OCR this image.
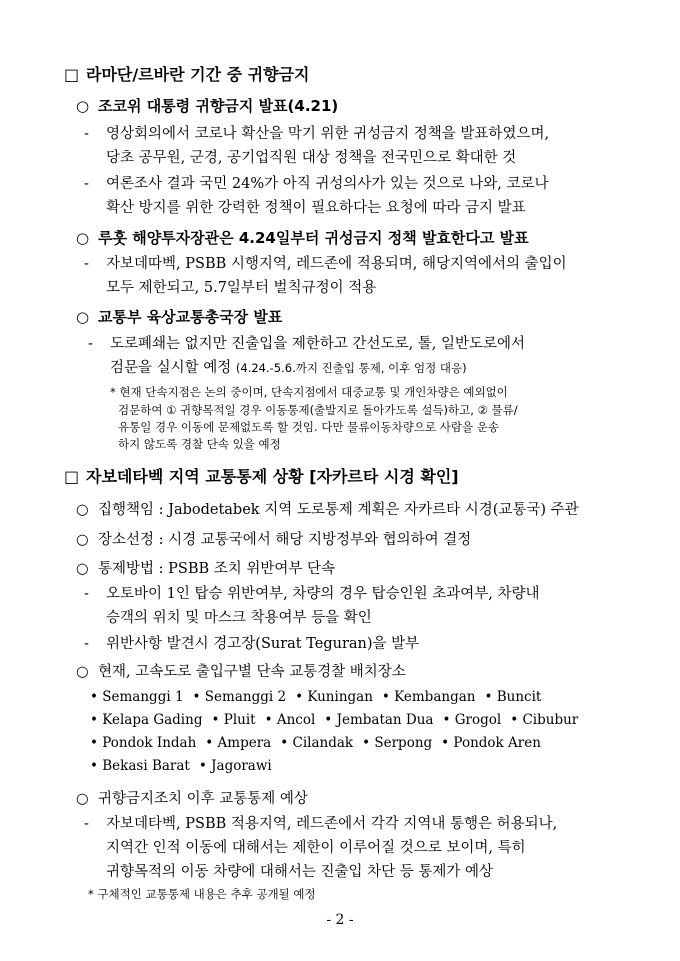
□ 라마단/르바란 기간 중 귀향금지
○ 조코위 대통령 귀향금지 발표(4.21)
- 영상회의에서 코로나 확산을 막기 위한 귀성금지 정책을 발표하였으며,
당초 공무원, 군경, 공기업직원 대상 정책을 전국민으로 확대한 것
- 여론조사 결과 국민 24%가 아직 귀성의사가 있는 것으로 나와, 코로나
확산 방지를 위한 강력한 정책이 필요하다는 요청에 따라 금지 발표
○ 루훗 해양투자장관은 4.24일부터 귀성금지 정책 발효한다고 발표
- 자보데따벡, PSBB 시행지역, 레드존에 적용되며, 해당지역에서의 출입이
모두 제한되고, 5.7일부터 벌칙규정이 적용
○ 교통부 육상교통총국장 발표
- 도로폐쇄는 없지만 진출입을 제한하고 간선도로, 톨, 일반도로에서
검문을 실시할 예정 (4.24.-5.6.까지 진출입 통제, 이후 엄정 대응)
* 현재 단속지점은 논의 중이며, 단속지점에서 대중교통 및 개인차량은 예외없이
검문하여 ① 귀향목적일 경우 이동통제(출발지로 돌아가도록 설득)하고, ② 물류/
유통일 경우 이동에 문제없도록 할 것임. 다만 물류이동차량으로 사람을 운송
하지 않도록 경찰 단속 있을 예정
□ 자보데타벡 지역 교통통제 상황 [자카르타 시경 확인]
○ 집행책임 : Jabodetabek 지역 도로통제 계획은 자카르타 시경(교통국) 주관
○ 장소선정 : 시경 교통국에서 해당 지방정부와 협의하여 결정
○ 통제방법 : PSBB 조치 위반여부 단속
- 오토바이 1인 탑승 위반여부, 차량의 경우 탑승인원 초과여부, 차량내
승객의 위치 및 마스크 착용여부 등을 확인
- 위반사항 발견시 경고장(Surat Teguran)을 발부
○ 현재, 고속도로 출입구별 단속 교통경찰 배치장소
• Semanggi 1 • Semanggi 2 • Kuningan • Kembangan • Buncit
• Kelapa Gading • Pluit • Ancol • Jembatan Dua • Grogol • Cibubur
• Pondok Indah • Ampera • Cilandak • Serpong • Pondok Aren
• Bekasi Barat • Jagorawi
○ 귀향금지조치 이후 교통통제 예상
- 자보데타벡, PSBB 적용지역, 레드존에서 각각 지역내 통행은 허용되나,
지역간 인적 이동에 대해서는 제한이 이루어질 것으로 보이며, 특히
귀향목적의 이동 차량에 대해서는 진출입 차단 등 통제가 예상
* 구체적인 교통통제 내용은 추후 공개될 예정
- 2 -
